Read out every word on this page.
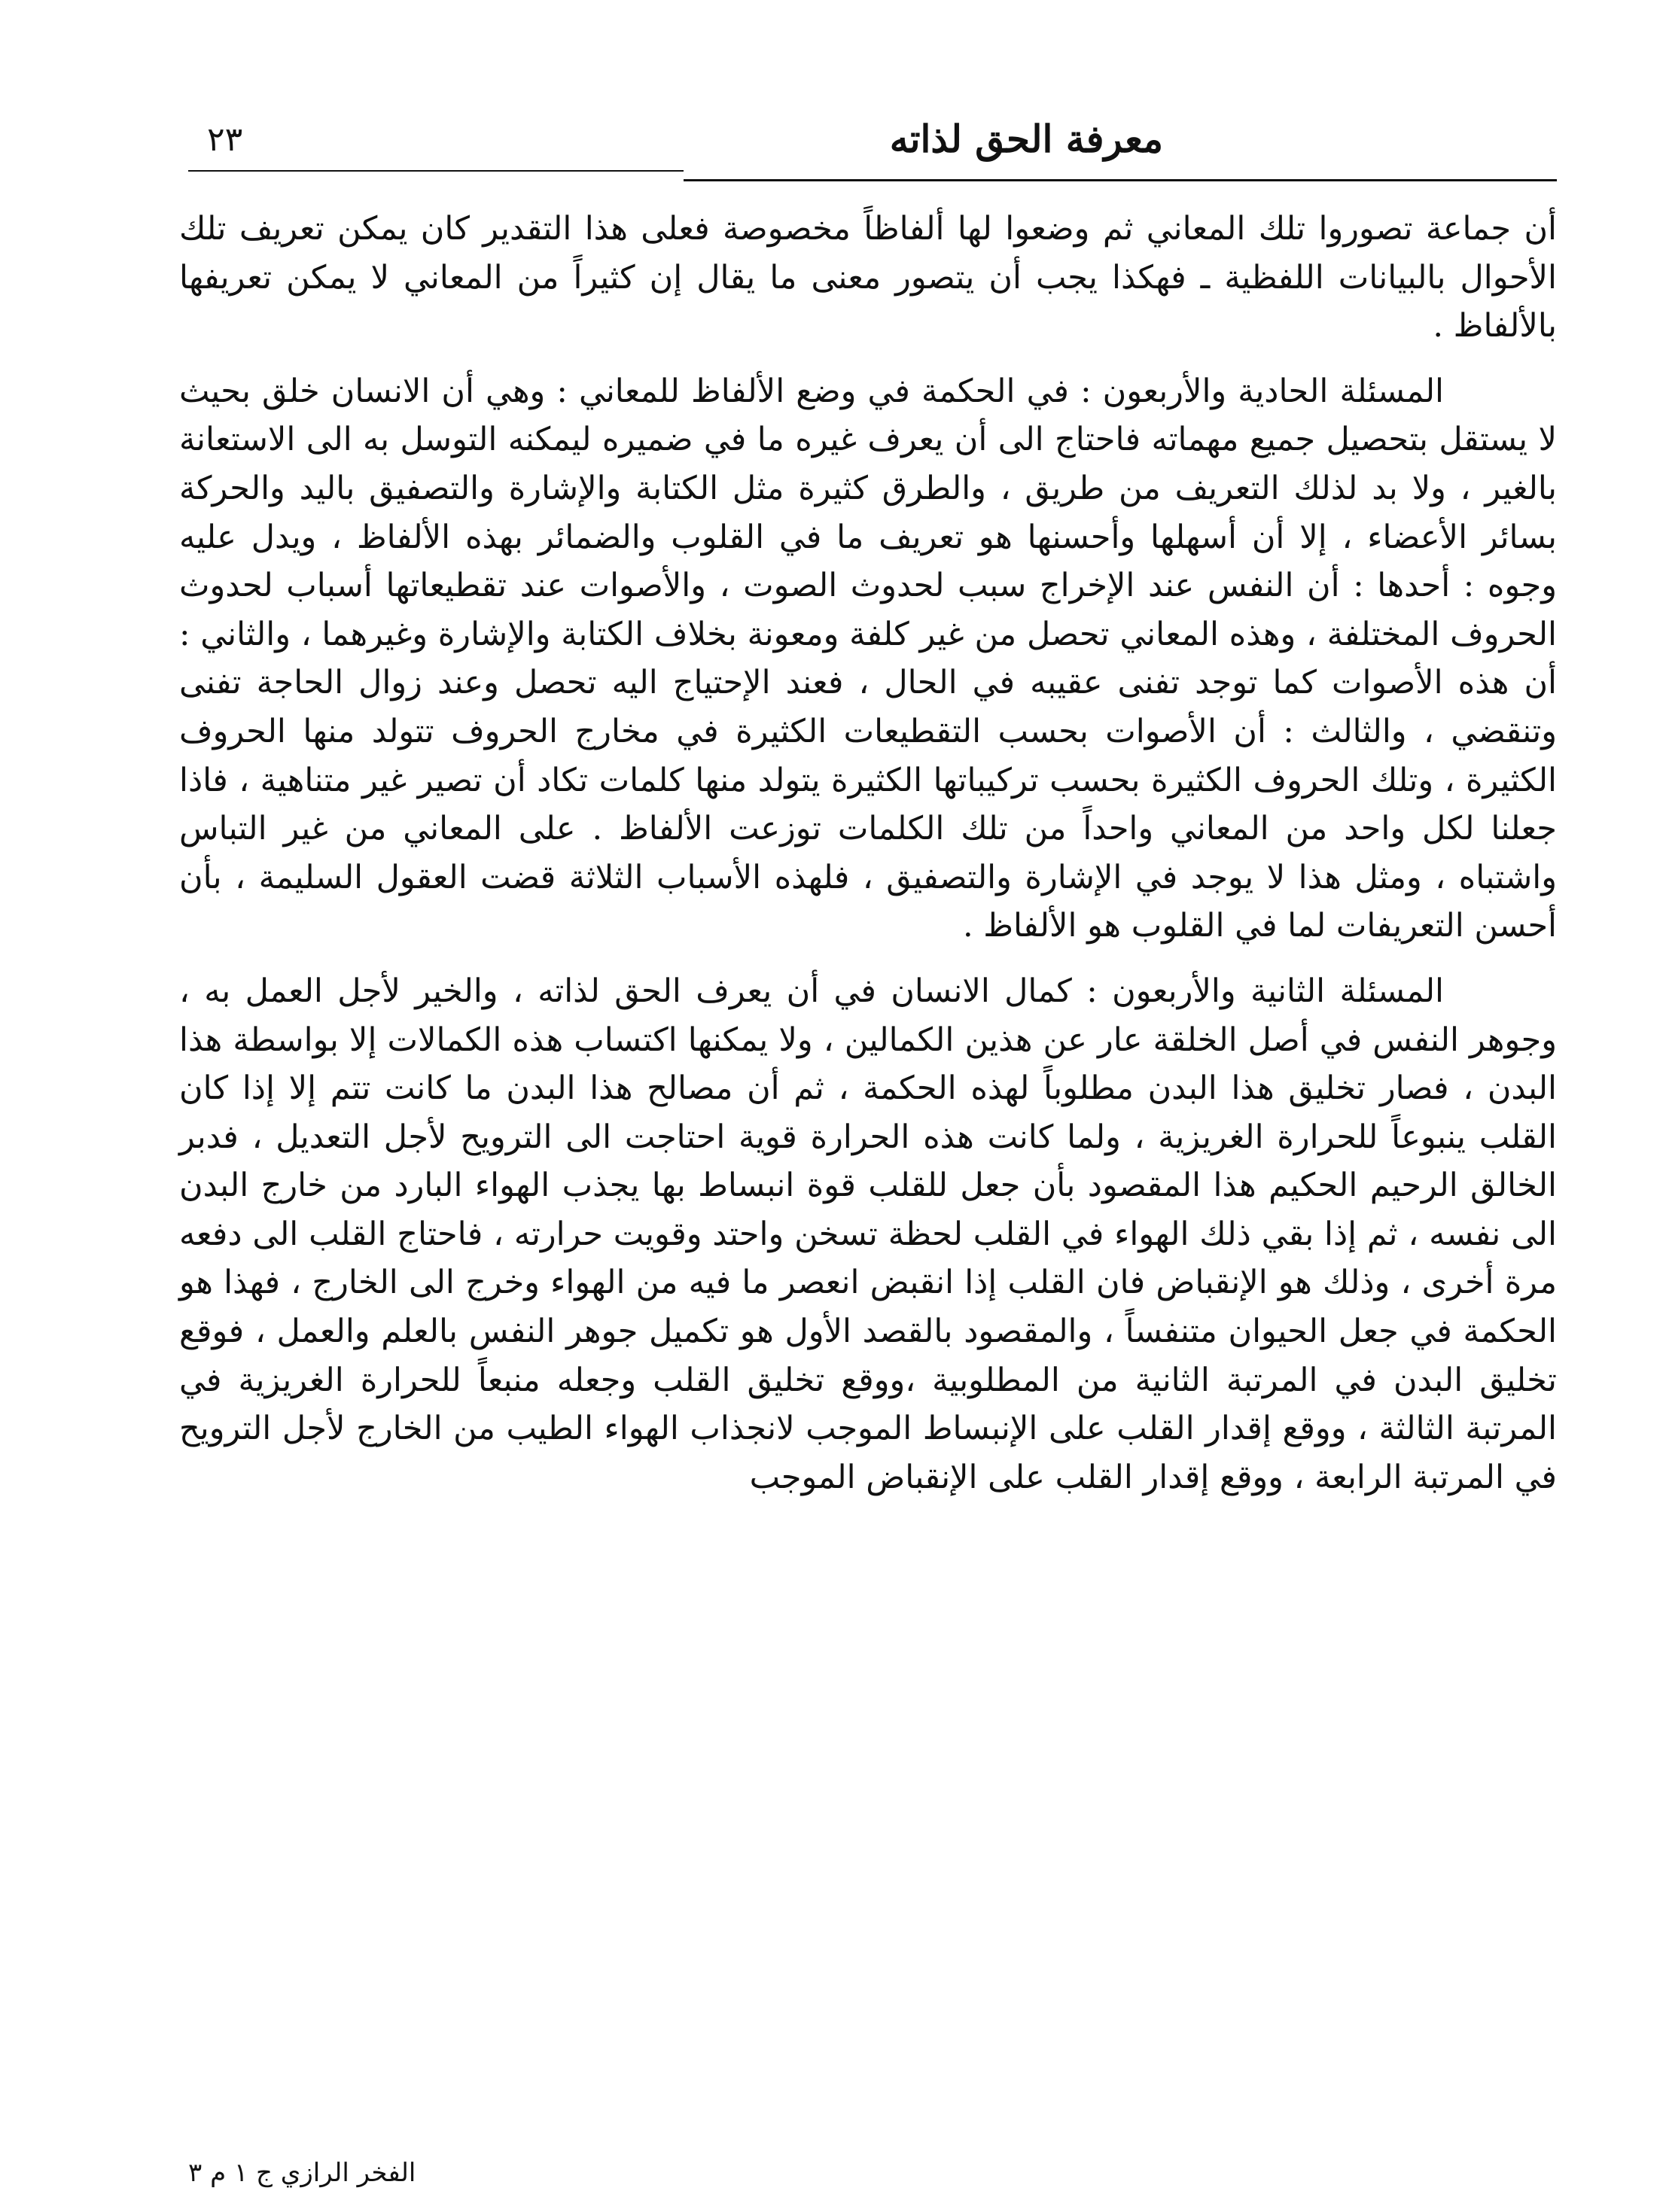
معرفة الحق لذاته
٢٣

أن جماعة تصوروا تلك المعاني ثم وضعوا لها ألفاظاً مخصوصة فعلى هذا التقدير كان يمكن تعريف تلك الأحوال بالبيانات اللفظية ـ فهكذا يجب أن يتصور معنى ما يقال إن كثيراً من المعاني لا يمكن تعريفها بالألفاظ .

المسئلة الحادية والأربعون : في الحكمة في وضع الألفاظ للمعاني : وهي أن الانسان خلق بحيث لا يستقل بتحصيل جميع مهماته فاحتاج الى أن يعرف غيره ما في ضميره ليمكنه التوسل به الى الاستعانة بالغير ، ولا بد لذلك التعريف من طريق ، والطرق كثيرة مثل الكتابة والإشارة والتصفيق باليد والحركة بسائر الأعضاء ، إلا أن أسهلها وأحسنها هو تعريف ما في القلوب والضمائر بهذه الألفاظ ، ويدل عليه وجوه : أحدها : أن النفس عند الإخراج سبب لحدوث الصوت ، والأصوات عند تقطيعاتها أسباب لحدوث الحروف المختلفة ، وهذه المعاني تحصل من غير كلفة ومعونة بخلاف الكتابة والإشارة وغيرهما ، والثاني : أن هذه الأصوات كما توجد تفنى عقيبه في الحال ، فعند الإحتياج اليه تحصل وعند زوال الحاجة تفنى وتنقضي ، والثالث : أن الأصوات بحسب التقطيعات الكثيرة في مخارج الحروف تتولد منها الحروف الكثيرة ، وتلك الحروف الكثيرة بحسب تركيباتها الكثيرة يتولد منها كلمات تكاد أن تصير غير متناهية ، فاذا جعلنا لكل واحد من المعاني واحداً من تلك الكلمات توزعت الألفاظ . على المعاني من غير التباس واشتباه ، ومثل هذا لا يوجد في الإشارة والتصفيق ، فلهذه الأسباب الثلاثة قضت العقول السليمة ، بأن أحسن التعريفات لما في القلوب هو الألفاظ .

المسئلة الثانية والأربعون : كمال الانسان في أن يعرف الحق لذاته ، والخير لأجل العمل به ، وجوهر النفس في أصل الخلقة عار عن هذين الكمالين ، ولا يمكنها اكتساب هذه الكمالات إلا بواسطة هذا البدن ، فصار تخليق هذا البدن مطلوباً لهذه الحكمة ، ثم أن مصالح هذا البدن ما كانت تتم إلا إذا كان القلب ينبوعاً للحرارة الغريزية ، ولما كانت هذه الحرارة قوية احتاجت الى الترويح لأجل التعديل ، فدبر الخالق الرحيم الحكيم هذا المقصود بأن جعل للقلب قوة انبساط بها يجذب الهواء البارد من خارج البدن الى نفسه ، ثم إذا بقي ذلك الهواء في القلب لحظة تسخن واحتد وقويت حرارته ، فاحتاج القلب الى دفعه مرة أخرى ، وذلك هو الإنقباض فان القلب إذا انقبض انعصر ما فيه من الهواء وخرج الى الخارج ، فهذا هو الحكمة في جعل الحيوان متنفساً ، والمقصود بالقصد الأول هو تكميل جوهر النفس بالعلم والعمل ، فوقع تخليق البدن في المرتبة الثانية من المطلوبية ،ووقع تخليق القلب وجعله منبعاً للحرارة الغريزية في المرتبة الثالثة ، ووقع إقدار القلب على الإنبساط الموجب لانجذاب الهواء الطيب من الخارج لأجل الترويح في المرتبة الرابعة ، ووقع إقدار القلب على الإنقباض الموجب

الفخر الرازي ج ١ م ٣
